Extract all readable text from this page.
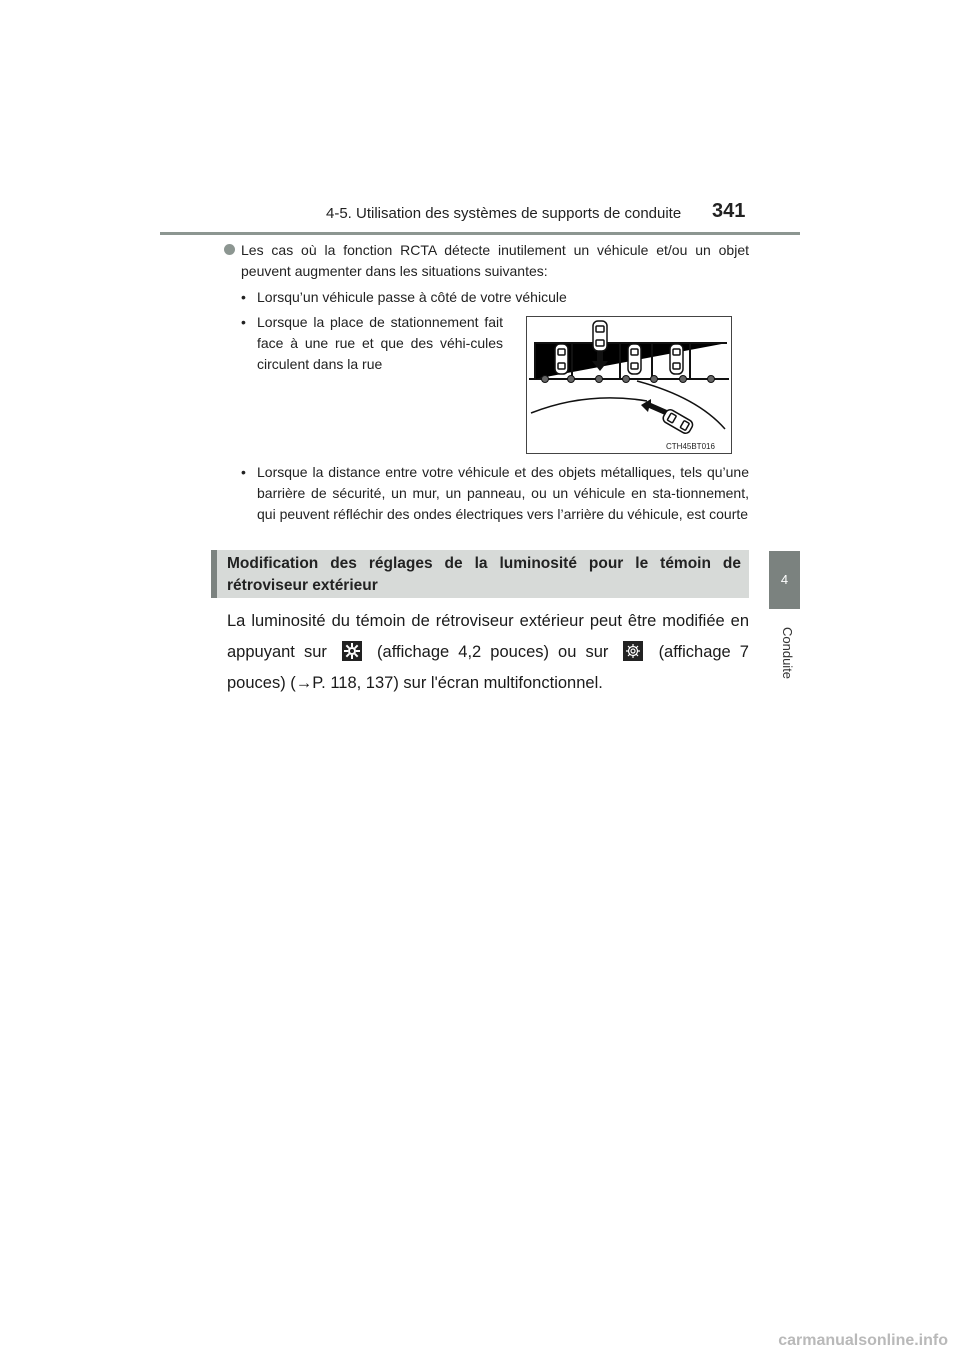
4-5. Utilisation des systèmes de supports de conduite 341
4
Conduite
Les cas où la fonction RCTA détecte inutilement un véhicule et/ou un objet peuvent augmenter dans les situations suivantes:
• Lorsqu’un véhicule passe à côté de votre véhicule
• Lorsque la place de stationnement fait face à une rue et que des véhi-cules circulent dans la rue
CTH45BT016
• Lorsque la distance entre votre véhicule et des objets métalliques, tels qu’une barrière de sécurité, un mur, un panneau, ou un véhicule en sta-tionnement, qui peuvent réfléchir des ondes électriques vers l’arrière du véhicule, est courte
Modification des réglages de la luminosité pour le témoin de rétroviseur extérieur
La luminosité du témoin de rétroviseur extérieur peut être modifiée en appuyant sur	(affichage 4,2 pouces) ou sur	(affichage 7 pouces) (→P. 118, 137) sur l'écran multifonctionnel.
carmanualsonline.info
